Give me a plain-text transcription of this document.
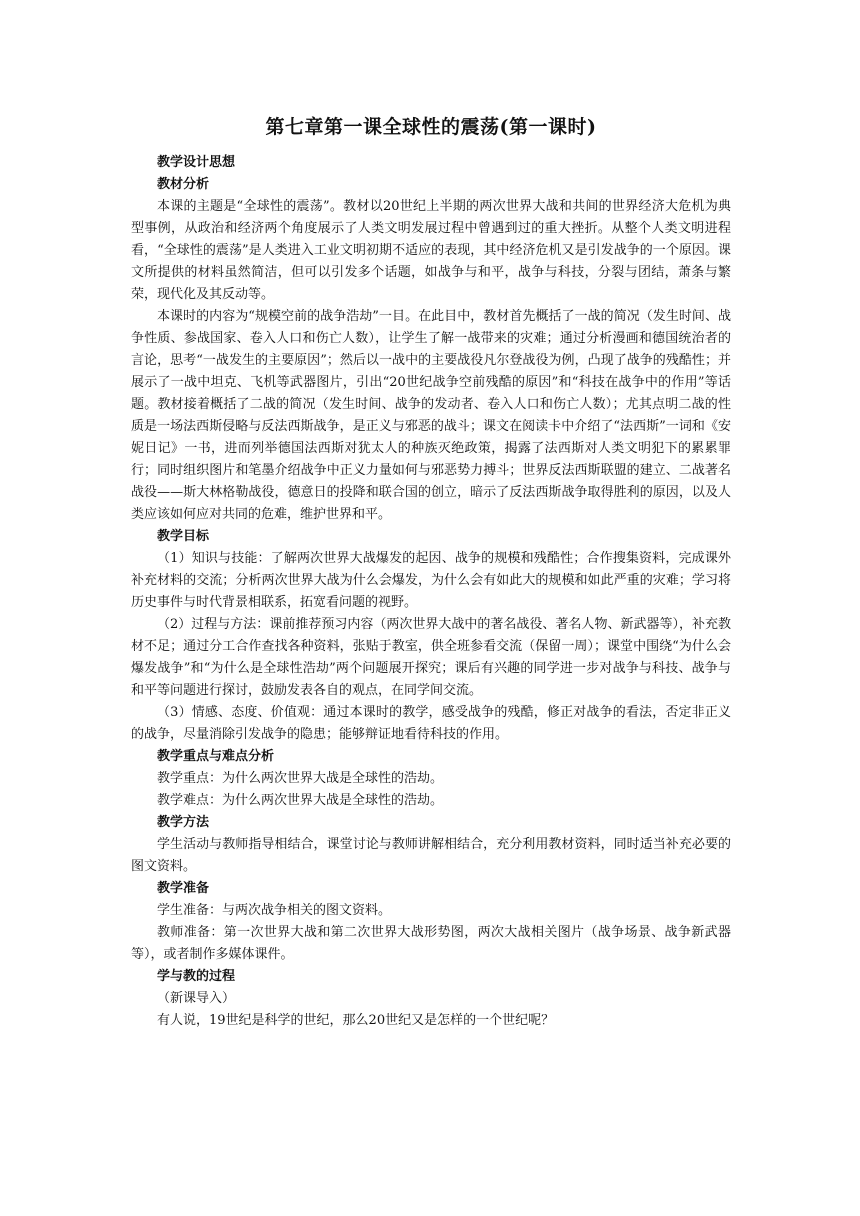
第七章第一课全球性的震荡(第一课时)

教学设计思想

教材分析

本课的主题是“全球性的震荡”。教材以20世纪上半期的两次世界大战和共间的世界经济大危机为典型事例，从政治和经济两个角度展示了人类文明发展过程中曾遇到过的重大挫折。从整个人类文明进程看，“全球性的震荡”是人类进入工业文明初期不适应的表现，其中经济危机又是引发战争的一个原因。课文所提供的材料虽然简洁，但可以引发多个话题，如战争与和平，战争与科技，分裂与团结，萧条与繁荣，现代化及其反动等。

本课时的内容为“规模空前的战争浩劫”一目。在此目中，教材首先概括了一战的简况（发生时间、战争性质、参战国家、卷入人口和伤亡人数），让学生了解一战带来的灾难；通过分析漫画和德国统治者的言论，思考“一战发生的主要原因”；然后以一战中的主要战役凡尔登战役为例，凸现了战争的残酷性；并展示了一战中坦克、飞机等武器图片，引出“20世纪战争空前残酷的原因”和“科技在战争中的作用”等话题。教材接着概括了二战的简况（发生时间、战争的发动者、卷入人口和伤亡人数）；尤其点明二战的性质是一场法西斯侵略与反法西斯战争，是正义与邪恶的战斗；课文在阅读卡中介绍了“法西斯”一词和《安妮日记》一书，进而列举德国法西斯对犹太人的种族灭绝政策，揭露了法西斯对人类文明犯下的累累罪行；同时组织图片和笔墨介绍战争中正义力量如何与邪恶势力搏斗；世界反法西斯联盟的建立、二战著名战役——斯大林格勒战役，德意日的投降和联合国的创立，暗示了反法西斯战争取得胜利的原因，以及人类应该如何应对共同的危难，维护世界和平。

教学目标

（1）知识与技能：了解两次世界大战爆发的起因、战争的规模和残酷性；合作搜集资料，完成课外补充材料的交流；分析两次世界大战为什么会爆发，为什么会有如此大的规模和如此严重的灾难；学习将历史事件与时代背景相联系，拓宽看问题的视野。

（2）过程与方法：课前推荐预习内容（两次世界大战中的著名战役、著名人物、新武器等），补充教材不足；通过分工合作查找各种资料，张贴于教室，供全班参看交流（保留一周）；课堂中围绕“为什么会爆发战争”和“为什么是全球性浩劫”两个问题展开探究；课后有兴趣的同学进一步对战争与科技、战争与和平等问题进行探讨，鼓励发表各自的观点，在同学间交流。

（3）情感、态度、价值观：通过本课时的教学，感受战争的残酷，修正对战争的看法，否定非正义的战争，尽量消除引发战争的隐患；能够辩证地看待科技的作用。

教学重点与难点分析

教学重点：为什么两次世界大战是全球性的浩劫。

教学难点：为什么两次世界大战是全球性的浩劫。

教学方法

学生活动与教师指导相结合，课堂讨论与教师讲解相结合，充分利用教材资料，同时适当补充必要的图文资料。

教学准备

学生准备：与两次战争相关的图文资料。

教师准备：第一次世界大战和第二次世界大战形势图，两次大战相关图片（战争场景、战争新武器等），或者制作多媒体课件。

学与教的过程

（新课导入）

有人说，19世纪是科学的世纪，那么20世纪又是怎样的一个世纪呢？
